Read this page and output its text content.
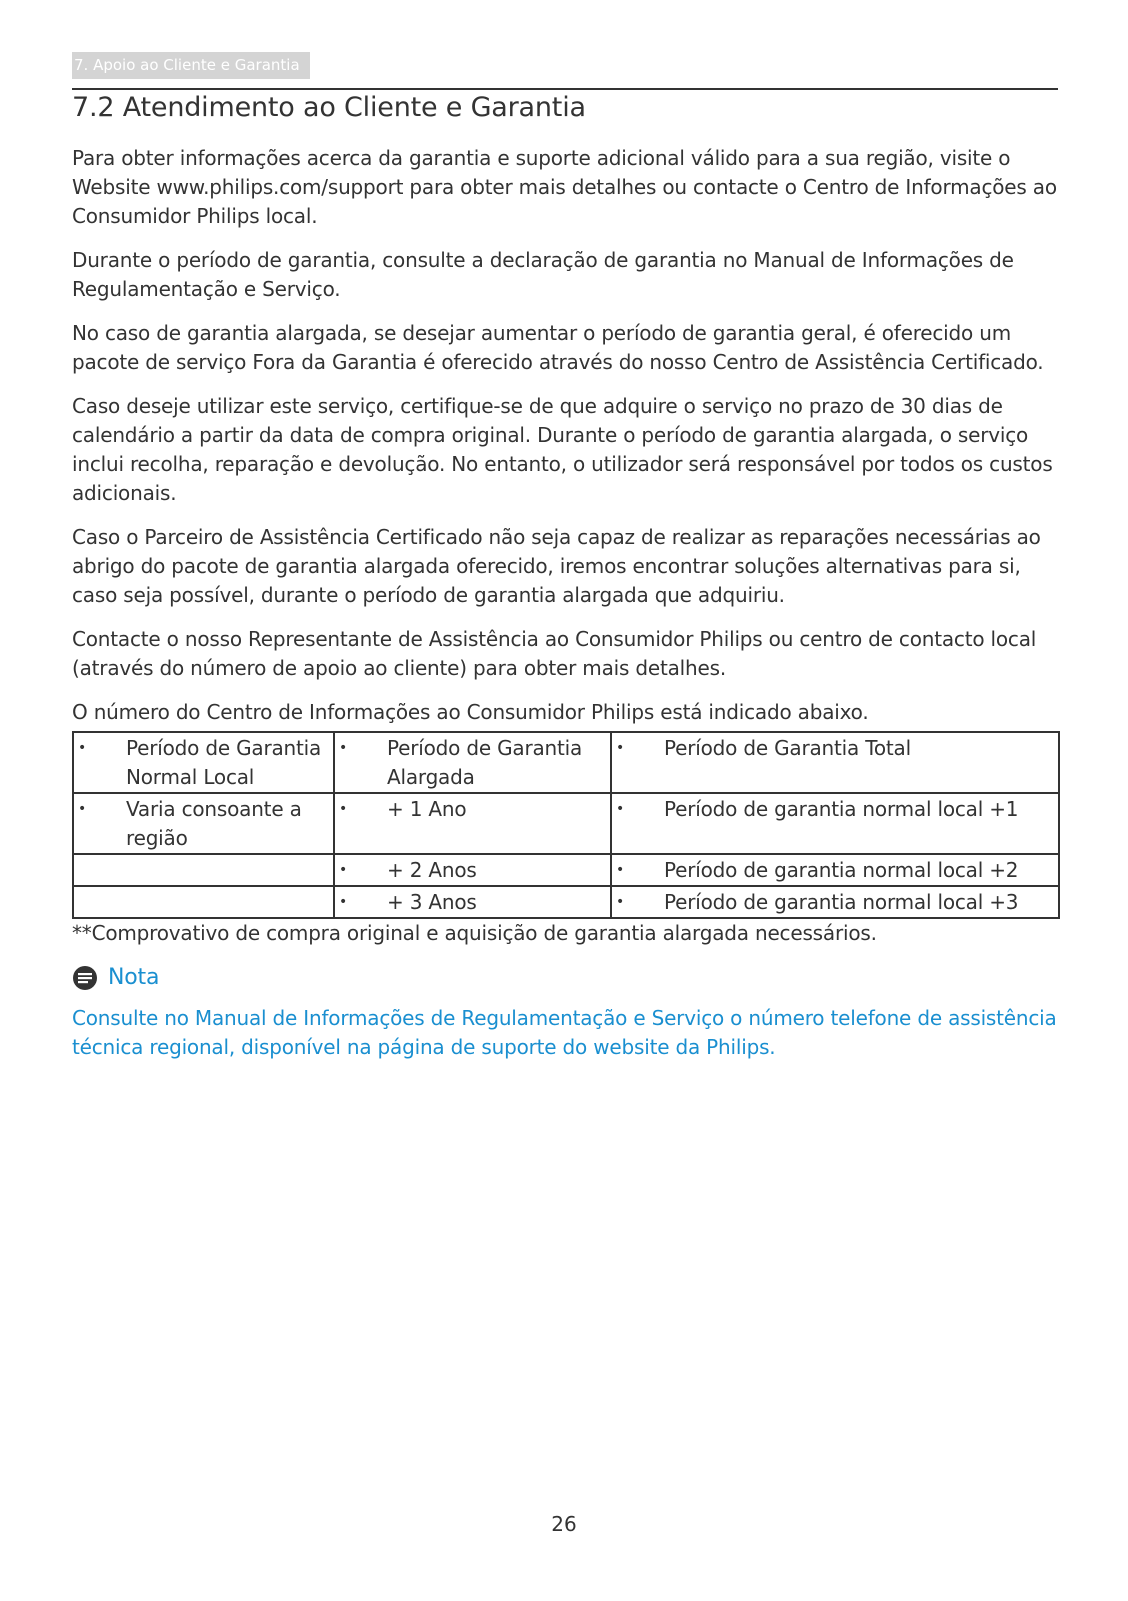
7. Apoio ao Cliente e Garantia
7.2 Atendimento ao Cliente e Garantia

Para obter informações acerca da garantia e suporte adicional válido para a sua região, visite o Website www.philips.com/support para obter mais detalhes ou contacte o Centro de Informações ao Consumidor Philips local.

Durante o período de garantia, consulte a declaração de garantia no Manual de Informações de Regulamentação e Serviço.

No caso de garantia alargada, se desejar aumentar o período de garantia geral, é oferecido um pacote de serviço Fora da Garantia é oferecido através do nosso Centro de Assistência Certificado.

Caso deseje utilizar este serviço, certifique-se de que adquire o serviço no prazo de 30 dias de calendário a partir da data de compra original. Durante o período de garantia alargada, o serviço inclui recolha, reparação e devolução. No entanto, o utilizador será responsável por todos os custos adicionais.

Caso o Parceiro de Assistência Certificado não seja capaz de realizar as reparações necessárias ao abrigo do pacote de garantia alargada oferecido, iremos encontrar soluções alternativas para si, caso seja possível, durante o período de garantia alargada que adquiriu.

Contacte o nosso Representante de Assistência ao Consumidor Philips ou centro de contacto local (através do número de apoio ao cliente) para obter mais detalhes.

O número do Centro de Informações ao Consumidor Philips está indicado abaixo.

• Período de Garantia Normal Local	• Período de Garantia Alargada	• Período de Garantia Total

• Varia consoante a região	• + 1 Ano	• Período de garantia normal local +1

	• + 2 Anos	• Período de garantia normal local +2

	• + 3 Anos	• Período de garantia normal local +3

**Comprovativo de compra original e aquisição de garantia alargada necessários.

Nota

Consulte no Manual de Informações de Regulamentação e Serviço o número telefone de assistência técnica regional, disponível na página de suporte do website da Philips.

26
